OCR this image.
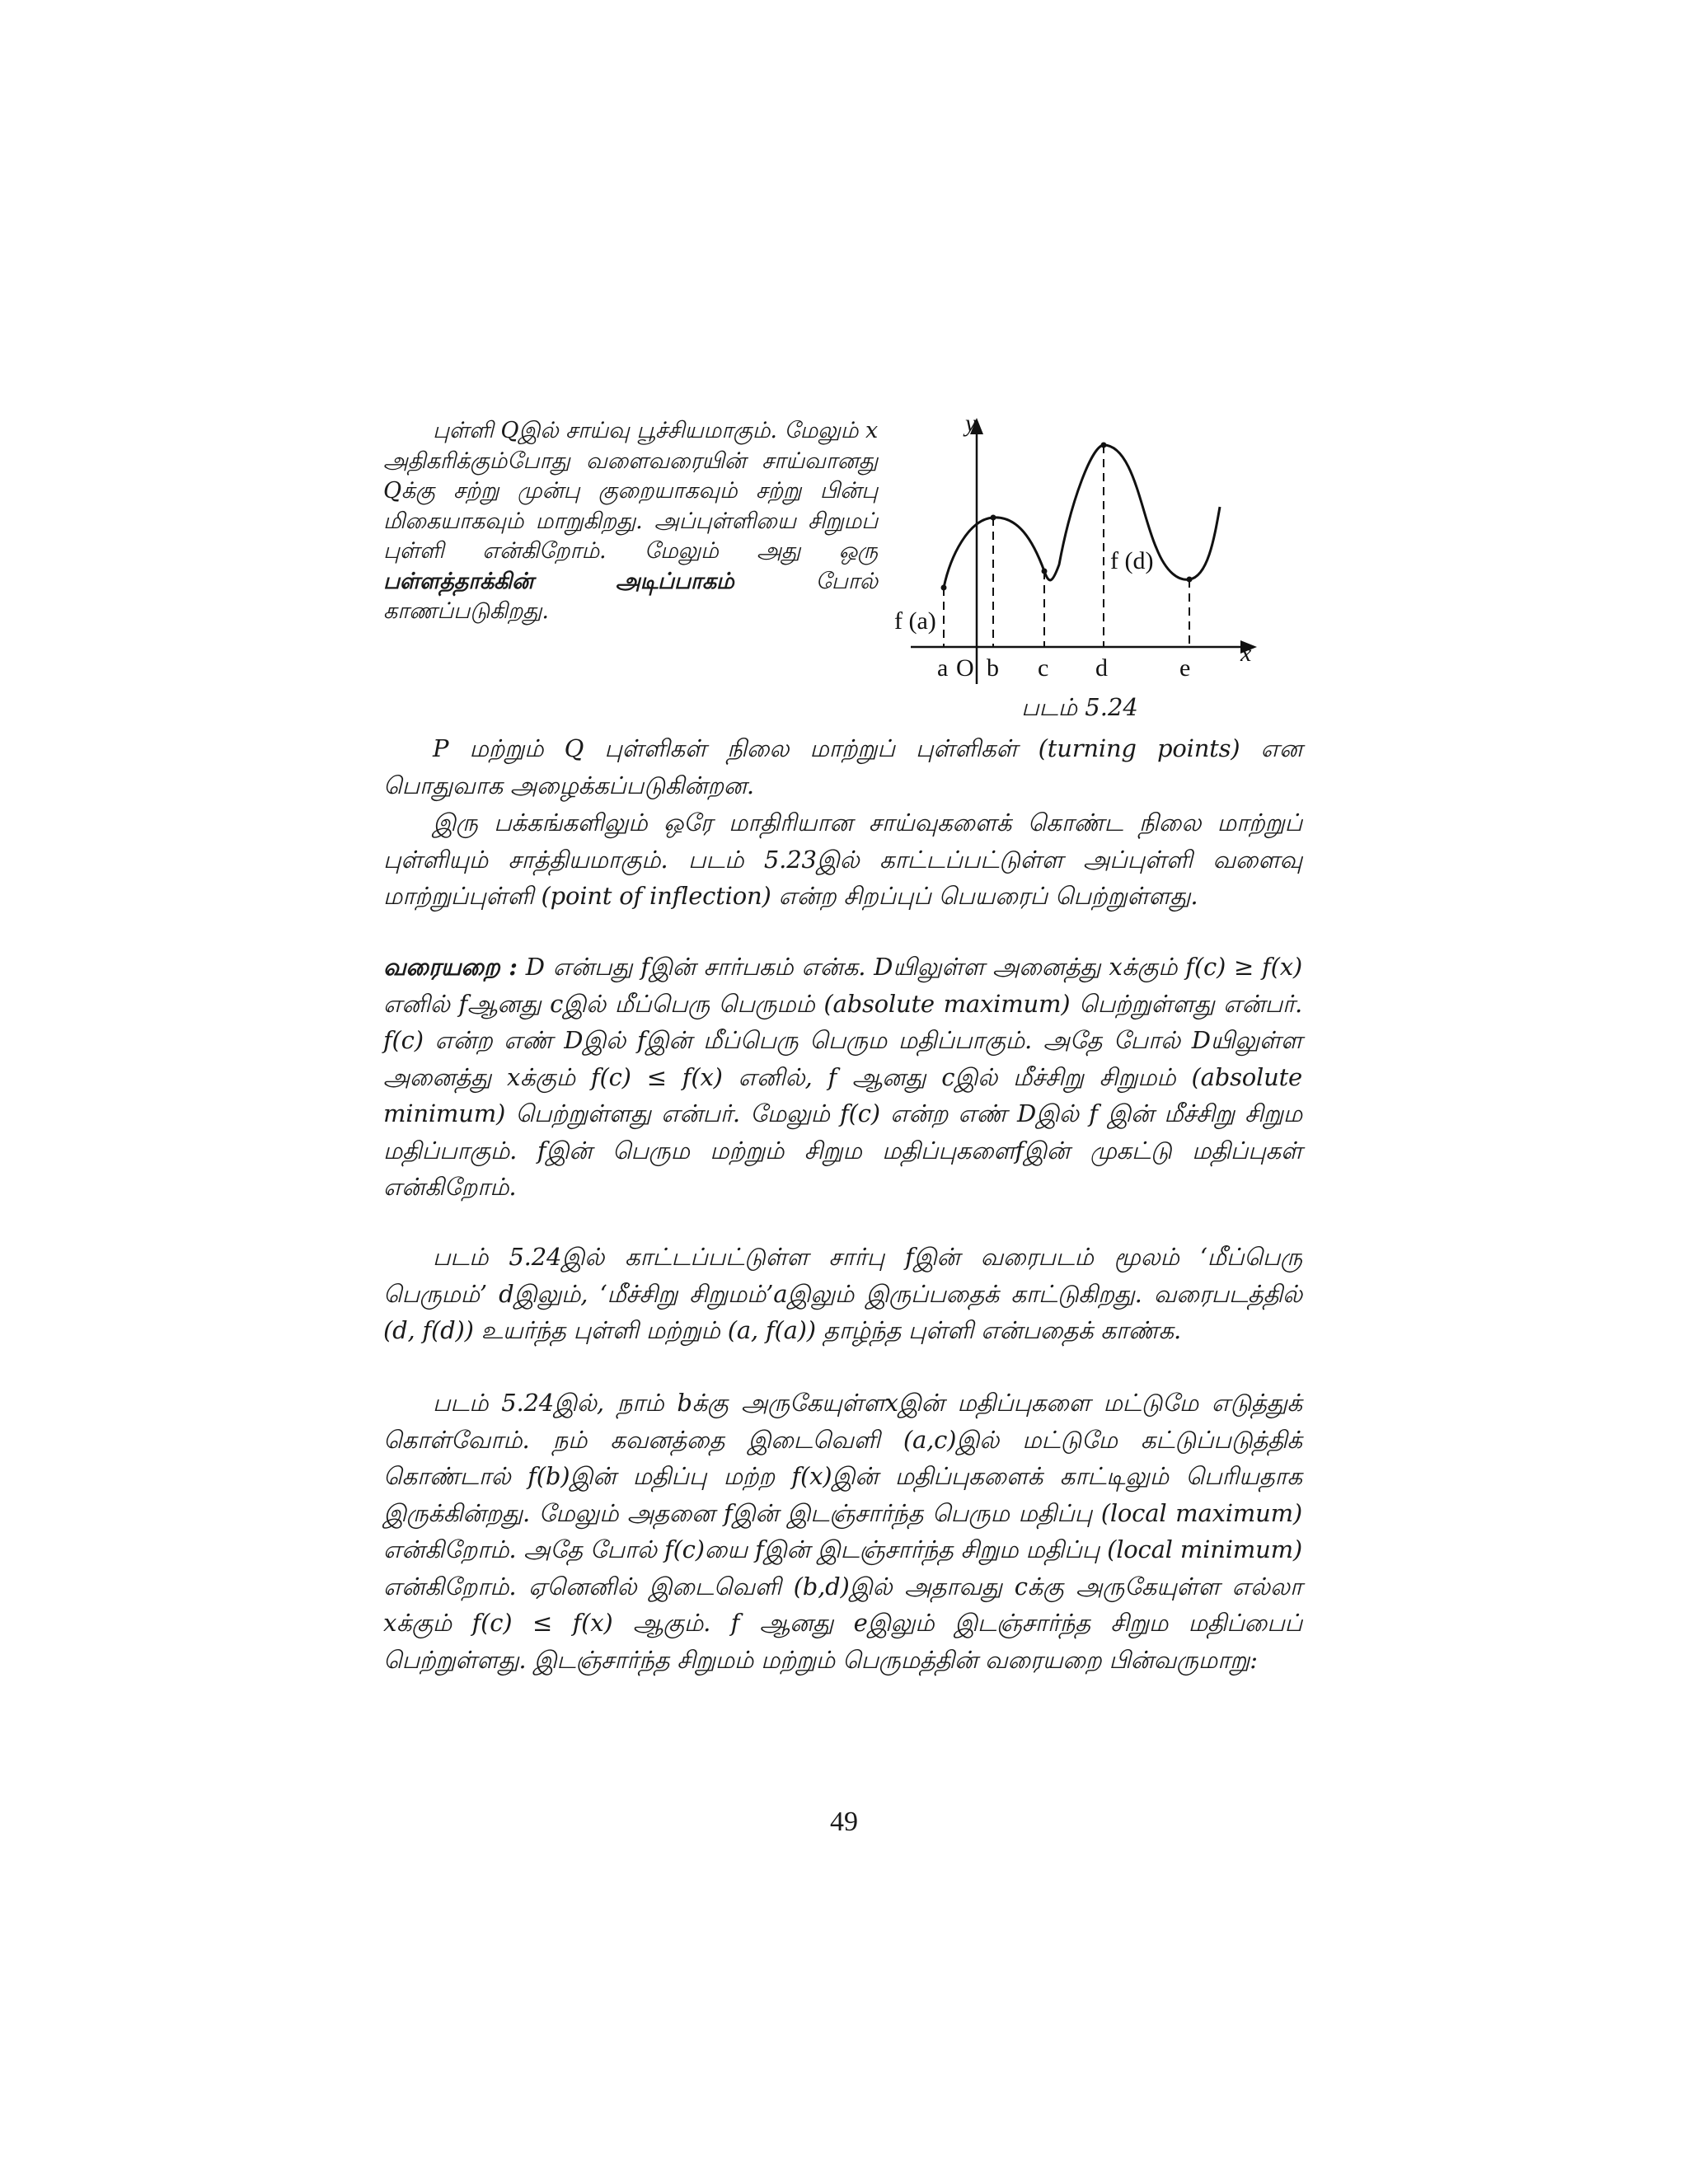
புள்ளி Qஇல் சாய்வு பூச்சியமாகும். மேலும் x அதிகரிக்கும்போது வளைவரையின் சாய்வானது Qக்கு சற்று முன்பு குறையாகவும் சற்று பின்பு மிகையாகவும் மாறுகிறது. அப்புள்ளியை சிறுமப் புள்ளி என்கிறோம். மேலும் அது ஒரு பள்ளத்தாக்கின் அடிப்பாகம் போல் காணப்படுகிறது.

y
x
f (a)
f (d)
a O b c d	e
படம் 5.24

P மற்றும் Q புள்ளிகள் நிலை மாற்றுப் புள்ளிகள் (turning points) என பொதுவாக அழைக்கப்படுகின்றன.

இரு பக்கங்களிலும் ஒரே மாதிரியான சாய்வுகளைக் கொண்ட நிலை மாற்றுப் புள்ளியும் சாத்தியமாகும். படம் 5.23இல் காட்டப்பட்டுள்ள அப்புள்ளி வளைவு மாற்றுப்புள்ளி (point of inflection) என்ற சிறப்புப் பெயரைப் பெற்றுள்ளது.

வரையறை : D என்பது fஇன் சார்பகம் என்க. Dயிலுள்ள அனைத்து xக்கும் f(c) ≥ f(x) எனில் fஆனது cஇல் மீப்பெரு பெருமம் (absolute maximum) பெற்றுள்ளது என்பர். f(c) என்ற எண் Dஇல் fஇன் மீப்பெரு பெரும மதிப்பாகும். அதே போல் Dயிலுள்ள அனைத்து xக்கும் f(c) ≤ f(x) எனில், f ஆனது cஇல் மீச்சிறு சிறுமம் (absolute minimum) பெற்றுள்ளது என்பர். மேலும் f(c) என்ற எண் Dஇல் f இன் மீச்சிறு சிறும மதிப்பாகும். fஇன் பெரும மற்றும் சிறும மதிப்புகளைfஇன் முகட்டு மதிப்புகள் என்கிறோம்.

படம் 5.24இல் காட்டப்பட்டுள்ள சார்பு fஇன் வரைபடம் மூலம் ‘மீப்பெரு பெருமம்’ dஇலும், ‘மீச்சிறு சிறுமம்’aஇலும் இருப்பதைக் காட்டுகிறது. வரைபடத்தில் (d, f(d)) உயர்ந்த புள்ளி மற்றும் (a, f(a)) தாழ்ந்த புள்ளி என்பதைக் காண்க.

படம் 5.24இல், நாம் bக்கு அருகேயுள்ளxஇன் மதிப்புகளை மட்டுமே எடுத்துக் கொள்வோம். நம் கவனத்தை இடைவெளி (a,c)இல் மட்டுமே கட்டுப்படுத்திக் கொண்டால் f(b)இன் மதிப்பு மற்ற f(x)இன் மதிப்புகளைக் காட்டிலும் பெரியதாக இருக்கின்றது. மேலும் அதனை fஇன் இடஞ்சார்ந்த பெரும மதிப்பு (local maximum) என்கிறோம். அதே போல் f(c)யை fஇன் இடஞ்சார்ந்த சிறும மதிப்பு (local minimum) என்கிறோம். ஏனெனில் இடைவெளி (b,d)இல் அதாவது cக்கு அருகேயுள்ள எல்லா xக்கும் f(c) ≤ f(x) ஆகும். f ஆனது eஇலும் இடஞ்சார்ந்த சிறும மதிப்பைப் பெற்றுள்ளது. இடஞ்சார்ந்த சிறுமம் மற்றும் பெருமத்தின் வரையறை பின்வருமாறு:

49
